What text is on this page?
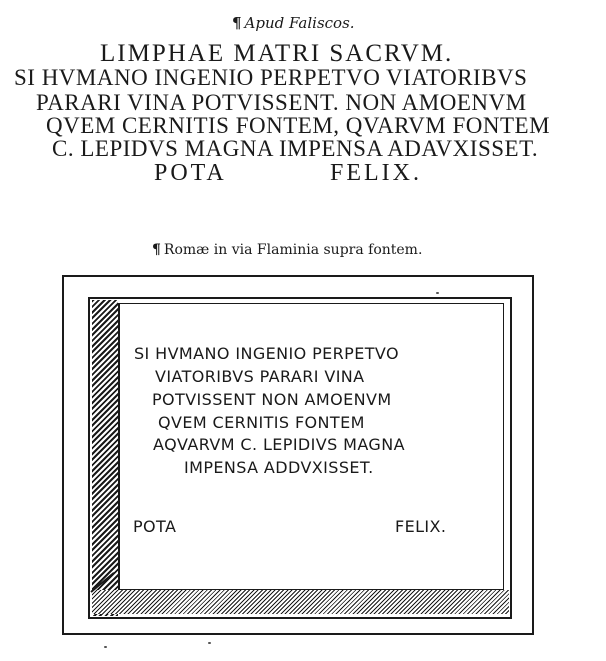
¶ Apud Faliscos.
LIMPHAE MATRI SACRVM.
SI HVMANO INGENIO PERPETVO VIATORIBVS
PARARI VINA POTVISSENT. NON AMOENVM
QVEM CERNITIS FONTEM, QVARVM FONTEM
C. LEPIDVS MAGNA IMPENSA ADAVXISSET.
POTA	FELIX.
¶ Romæ in via Flaminia supra fontem.
SI HVMANO INGENIO PERPETVO
VIATORIBVS PARARI VINA
POTVISSENT NON AMOENVM
QVEM CERNITIS FONTEM
AQVARVM C. LEPIDIVS MAGNA
IMPENSA ADDVXISSET.
POTA	FELIX.
